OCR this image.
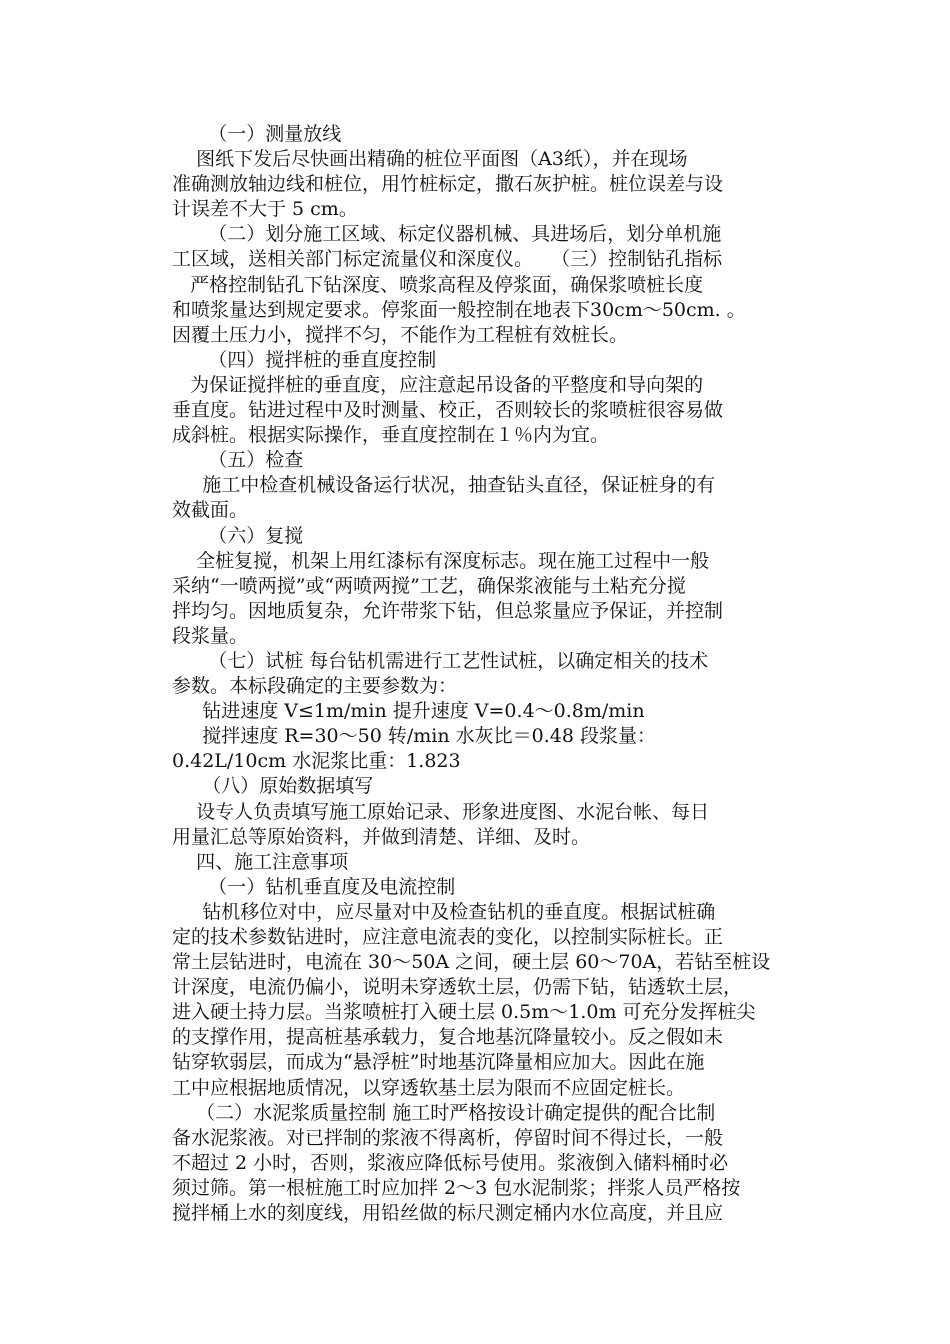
（一）测量放线
图纸下发后尽快画出精确的桩位平面图（A3纸），并在现场
准确测放轴边线和桩位，用竹桩标定，撒石灰护桩。桩位误差与设
计误差不大于 5 cm。
（二）划分施工区域、标定仪器机械、具进场后，划分单机施
工区域，送相关部门标定流量仪和深度仪。   （三）控制钻孔指标
严格控制钻孔下钻深度、喷浆高程及停浆面，确保浆喷桩长度
和喷浆量达到规定要求。停浆面一般控制在地表下30cm～50cm. 。
因覆土压力小，搅拌不匀，不能作为工程桩有效桩长。
（四）搅拌桩的垂直度控制
为保证搅拌桩的垂直度，应注意起吊设备的平整度和导向架的
垂直度。钻进过程中及时测量、校正，否则较长的浆喷桩很容易做
成斜桩。根据实际操作，垂直度控制在１％内为宜。
（五）检查
施工中检查机械设备运行状况，抽查钻头直径，保证桩身的有
效截面。
（六）复搅
全桩复搅，机架上用红漆标有深度标志。现在施工过程中一般
采纳“一喷两搅”或“两喷两搅”工艺，确保浆液能与土粘充分搅
拌均匀。因地质复杂，允许带浆下钻，但总浆量应予保证，并控制
段浆量。
（七）试桩 每台钻机需进行工艺性试桩，以确定相关的技术
参数。本标段确定的主要参数为：
钻进速度 V≤1m/min 提升速度 V=0.4～0.8m/min
搅拌速度 R=30～50 转/min 水灰比＝0.48 段浆量：
0.42L/10cm 水泥浆比重：1.823
（八）原始数据填写
设专人负责填写施工原始记录、形象进度图、水泥台帐、每日
用量汇总等原始资料，并做到清楚、详细、及时。
四、施工注意事项
（一）钻机垂直度及电流控制
钻机移位对中，应尽量对中及检查钻机的垂直度。根据试桩确
定的技术参数钻进时，应注意电流表的变化，以控制实际桩长。正
常土层钻进时，电流在 30～50A 之间，硬土层 60～70A，若钻至桩设
计深度，电流仍偏小，说明未穿透软土层，仍需下钻，钻透软土层，
进入硬土持力层。当浆喷桩打入硬土层 0.5m～1.0m 可充分发挥桩尖
的支撑作用，提高桩基承载力，复合地基沉降量较小。反之假如未
钻穿软弱层，而成为“悬浮桩”时地基沉降量相应加大。因此在施
工中应根据地质情况，以穿透软基土层为限而不应固定桩长。
（二）水泥浆质量控制 施工时严格按设计确定提供的配合比制
备水泥浆液。对已拌制的浆液不得离析，停留时间不得过长，一般
不超过 2 小时，否则，浆液应降低标号使用。浆液倒入储料桶时必
须过筛。第一根桩施工时应加拌 2～3 包水泥制浆；拌浆人员严格按
搅拌桶上水的刻度线，用铅丝做的标尺测定桶内水位高度，并且应
